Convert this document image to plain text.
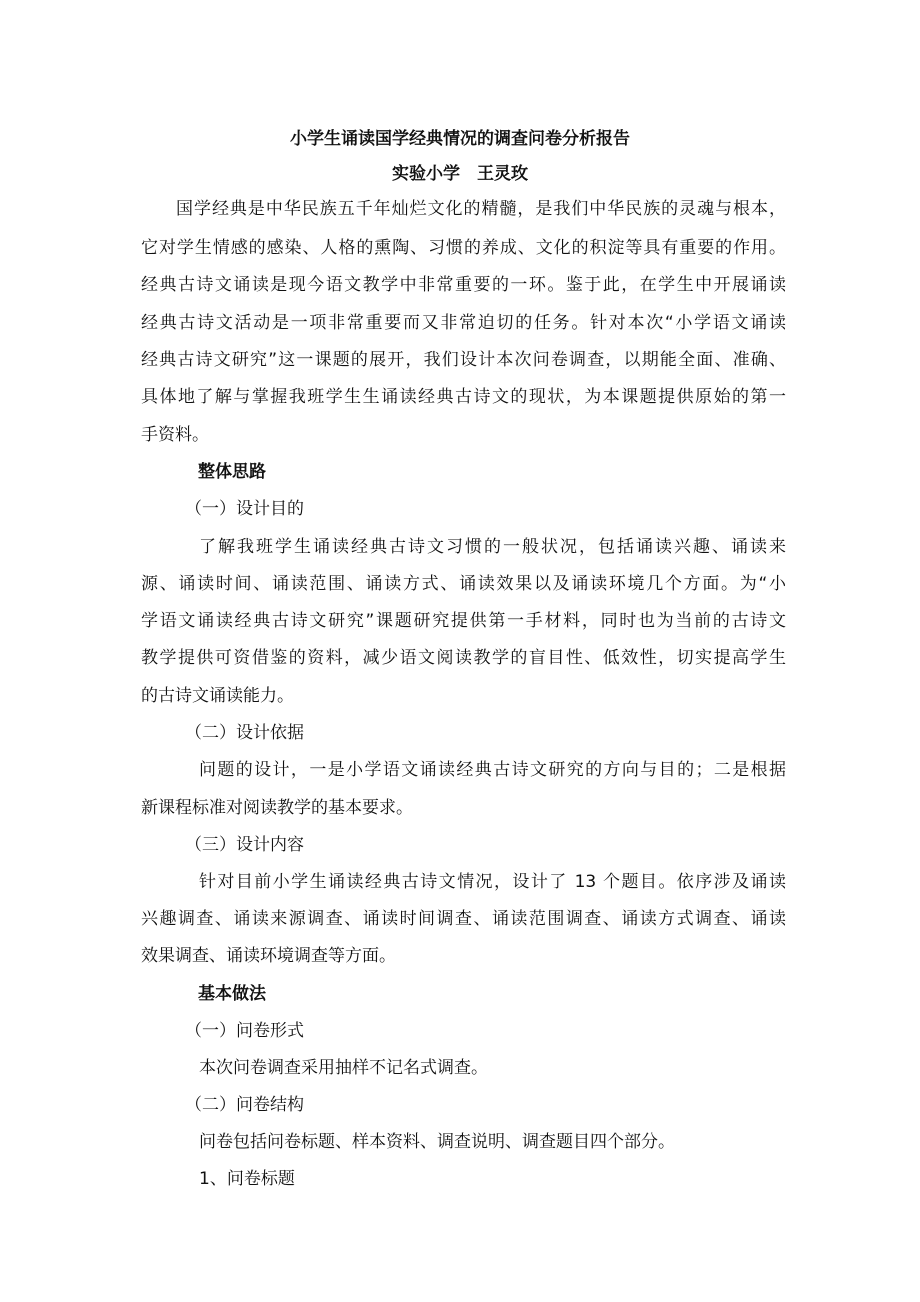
小学生诵读国学经典情况的调查问卷分析报告
实验小学　王灵玫
国学经典是中华民族五千年灿烂文化的精髓，是我们中华民族的灵魂与根本，
它对学生情感的感染、人格的熏陶、习惯的养成、文化的积淀等具有重要的作用。
经典古诗文诵读是现今语文教学中非常重要的一环。鉴于此，在学生中开展诵读
经典古诗文活动是一项非常重要而又非常迫切的任务。针对本次“小学语文诵读
经典古诗文研究”这一课题的展开，我们设计本次问卷调查，以期能全面、准确、
具体地了解与掌握我班学生生诵读经典古诗文的现状，为本课题提供原始的第一
手资料。
整体思路
（一）设计目的
了解我班学生诵读经典古诗文习惯的一般状况，包括诵读兴趣、诵读来
源、诵读时间、诵读范围、诵读方式、诵读效果以及诵读环境几个方面。为“小
学语文诵读经典古诗文研究”课题研究提供第一手材料，同时也为当前的古诗文
教学提供可资借鉴的资料，减少语文阅读教学的盲目性、低效性，切实提高学生
的古诗文诵读能力。
（二）设计依据
问题的设计，一是小学语文诵读经典古诗文研究的方向与目的；二是根据
新课程标准对阅读教学的基本要求。
（三）设计内容
针对目前小学生诵读经典古诗文情况，设计了 13 个题目。依序涉及诵读
兴趣调查、诵读来源调查、诵读时间调查、诵读范围调查、诵读方式调查、诵读
效果调查、诵读环境调查等方面。
基本做法
（一）问卷形式
本次问卷调查采用抽样不记名式调查。
（二）问卷结构
问卷包括问卷标题、样本资料、调查说明、调查题目四个部分。
1、问卷标题
